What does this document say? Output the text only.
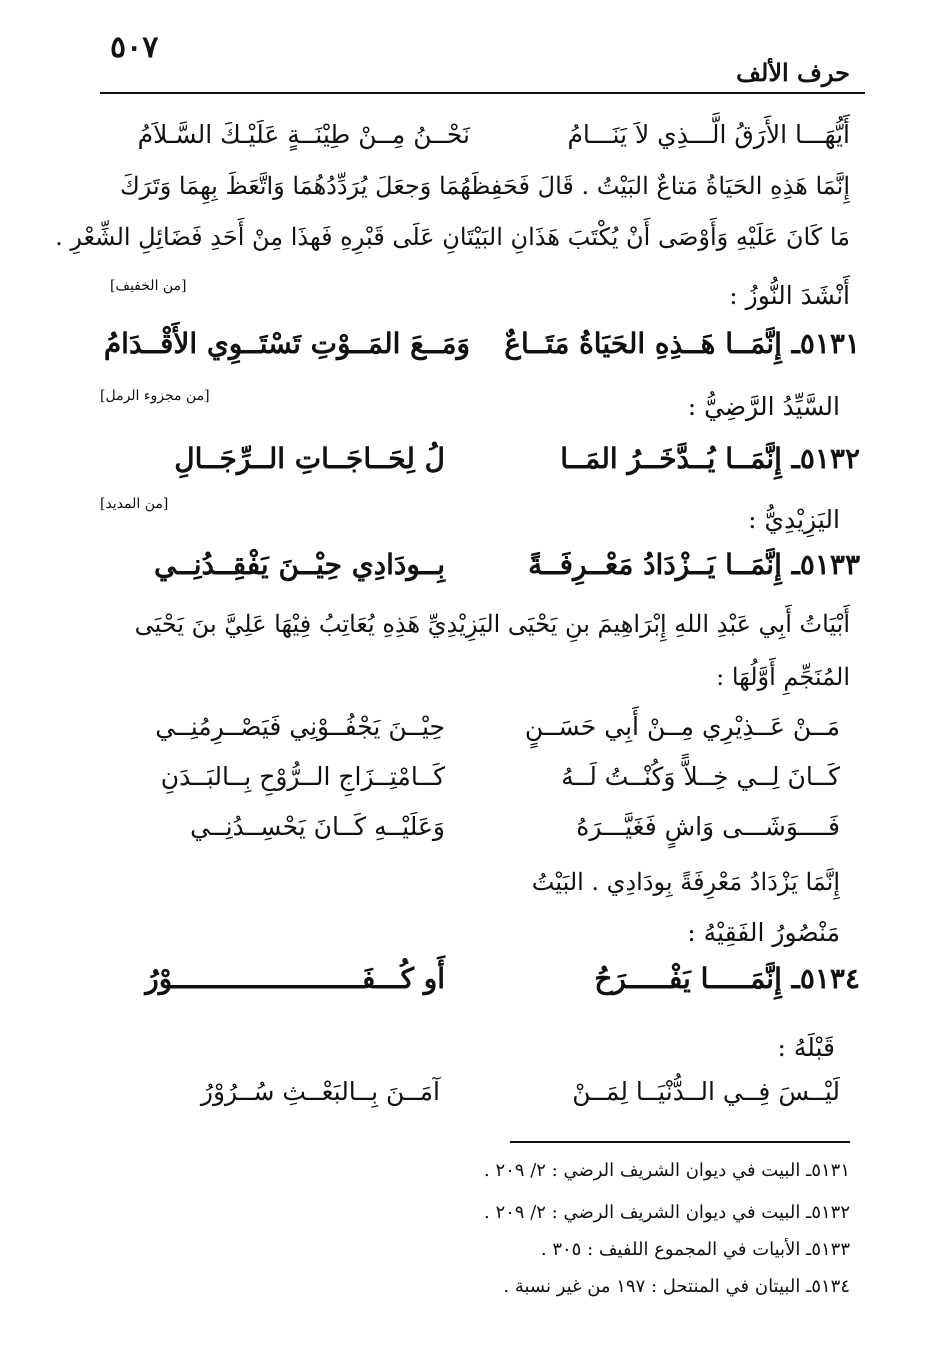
٥٠٧
حرف الألف
أَيُّهَـــا الأَرَقُ الَّـــذِي لاَ يَنَـــامُ
نَحْــنُ مِــنْ طِيْنَــةٍ عَلَيْـكَ السَّـلاَمُ
إِنَّمَا هَذِهِ الحَيَاةُ مَتاعٌ البَيْتُ . قَالَ فَحَفِظَهُمَا وَجعَلَ يُرَدِّدُهُمَا وَاتَّعَظَ بِهِمَا وَتَرَكَ
مَا كَانَ عَلَيْهِ وَأَوْصَى أَنْ يُكْتَبَ هَذَانِ البَيْتَانِ عَلَى قَبْرِهِ فَهذَا مِنْ أَحَدِ فَضَائِلِ الشِّعْرِ .
أَنْشَدَ النُّوزُ :
[من الخفيف]
٥١٣١ـ إِنَّمَــا هَــذِهِ الحَيَاةُ مَتَــاعٌ
وَمَــعَ المَــوْتِ تَسْتَــوِي الأَقْــدَامُ
السَّيِّدُ الرَّضِيُّ :
[من مجزوء الرمل]
٥١٣٢ـ إِنَّمَــا يُــدَّخَــرُ المَــا
لُ لِحَــاجَــاتِ الــرِّجَــالِ
اليَزِيْدِيُّ :
[من المديد]
٥١٣٣ـ إِنَّمَــا يَــزْدَادُ مَعْــرِفَــةً
بِــودَادِي حِيْــنَ يَفْقِــدُنِــي
أَبْيَاتُ أَبِي عَبْدِ اللهِ إِبْرَاهِيمَ بنِ يَحْيَى اليَزِيْدِيِّ هَذِهِ يُعَاتِبُ فِيْهَا عَلِيَّ بنَ يَحْيَى
المُنَجِّمِ أَوَّلُهَا :
مَــنْ عَــذِيْرِي مِــنْ أَبِي حَسَــنٍ
حِيْــنَ يَجْفُــوْنِي فَيَصْــرِمُنِــي
كَــانَ لِــي خِــلاًّ وَكُنْــتُ لَــهُ
كَــامْتِــزَاجِ الــرُّوْحِ بِــالبَــدَنِ
فَــــوَشَـــى وَاشٍ فَغَيَّـــرَهُ
وَعَلَيْــهِ كَــانَ يَحْسِــدُنِــي
إِنَّمَا يَزْدَادُ مَعْرِفَةً بِودَادِي . البَيْتُ
مَنْصُورُ الفَقِيْهُ :
٥١٣٤ـ إِنَّمَـــــا يَفْـــــرَحُ
أَو كُـــفَـــــــــــــــــــــــوْرُ
قَبْلَهُ :
لَيْــسَ فِــي الــدُّنْيَــا لِمَــنْ
آمَــنَ بِــالبَعْــثِ سُــرُوْرُ
٥١٣١ـ البيت في ديوان الشريف الرضي : ٢/ ٢٠٩ .
٥١٣٢ـ البيت في ديوان الشريف الرضي : ٢/ ٢٠٩ .
٥١٣٣ـ الأبيات في المجموع اللفيف : ٣٠٥ .
٥١٣٤ـ البيتان في المنتحل : ١٩٧ من غير نسبة .
